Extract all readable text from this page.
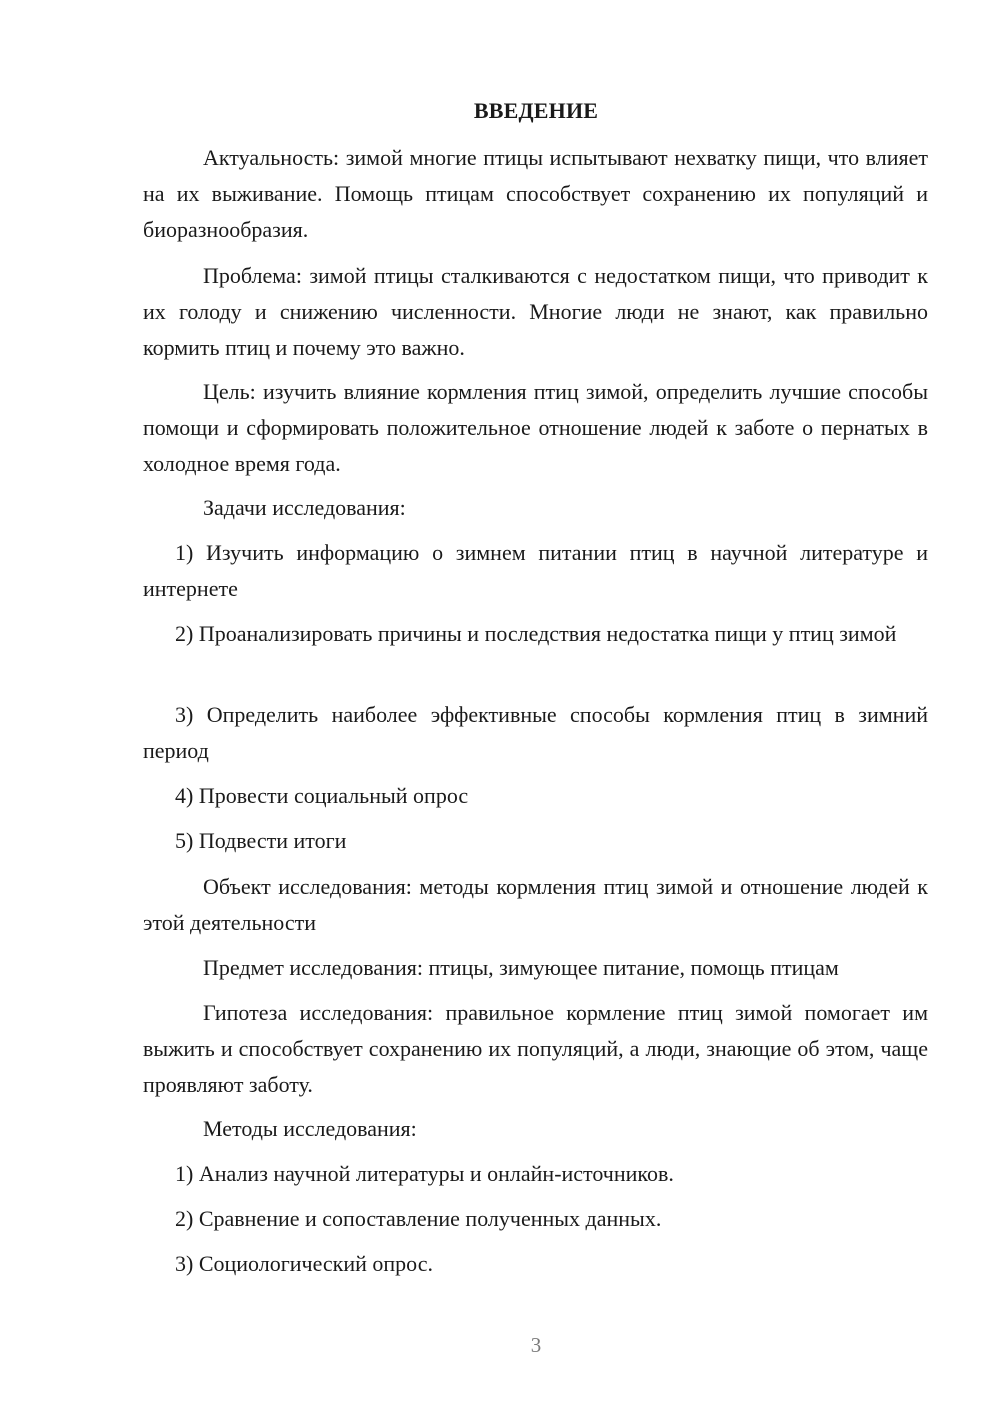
ВВЕДЕНИЕ

Актуальность: зимой многие птицы испытывают нехватку пищи, что влияет на их выживание. Помощь птицам способствует сохранению их популяций и биоразнообразия.

Проблема: зимой птицы сталкиваются с недостатком пищи, что приводит к их голоду и снижению численности. Многие люди не знают, как правильно кормить птиц и почему это важно.

Цель: изучить влияние кормления птиц зимой, определить лучшие способы помощи и сформировать положительное отношение людей к заботе о пернатых в холодное время года.

Задачи исследования:

1) Изучить информацию о зимнем питании птиц в научной литературе и интернете

2) Проанализировать причины и последствия недостатка пищи у птиц зимой

3) Определить наиболее эффективные способы кормления птиц в зимний период

4) Провести социальный опрос

5) Подвести итоги

Объект исследования: методы кормления птиц зимой и отношение людей к этой деятельности

Предмет исследования: птицы, зимующее питание, помощь птицам

Гипотеза исследования: правильное кормление птиц зимой помогает им выжить и способствует сохранению их популяций, а люди, знающие об этом, чаще проявляют заботу.

Методы исследования:

1) Анализ научной литературы и онлайн-источников.

2) Сравнение и сопоставление полученных данных.

3) Социологический опрос.

3
